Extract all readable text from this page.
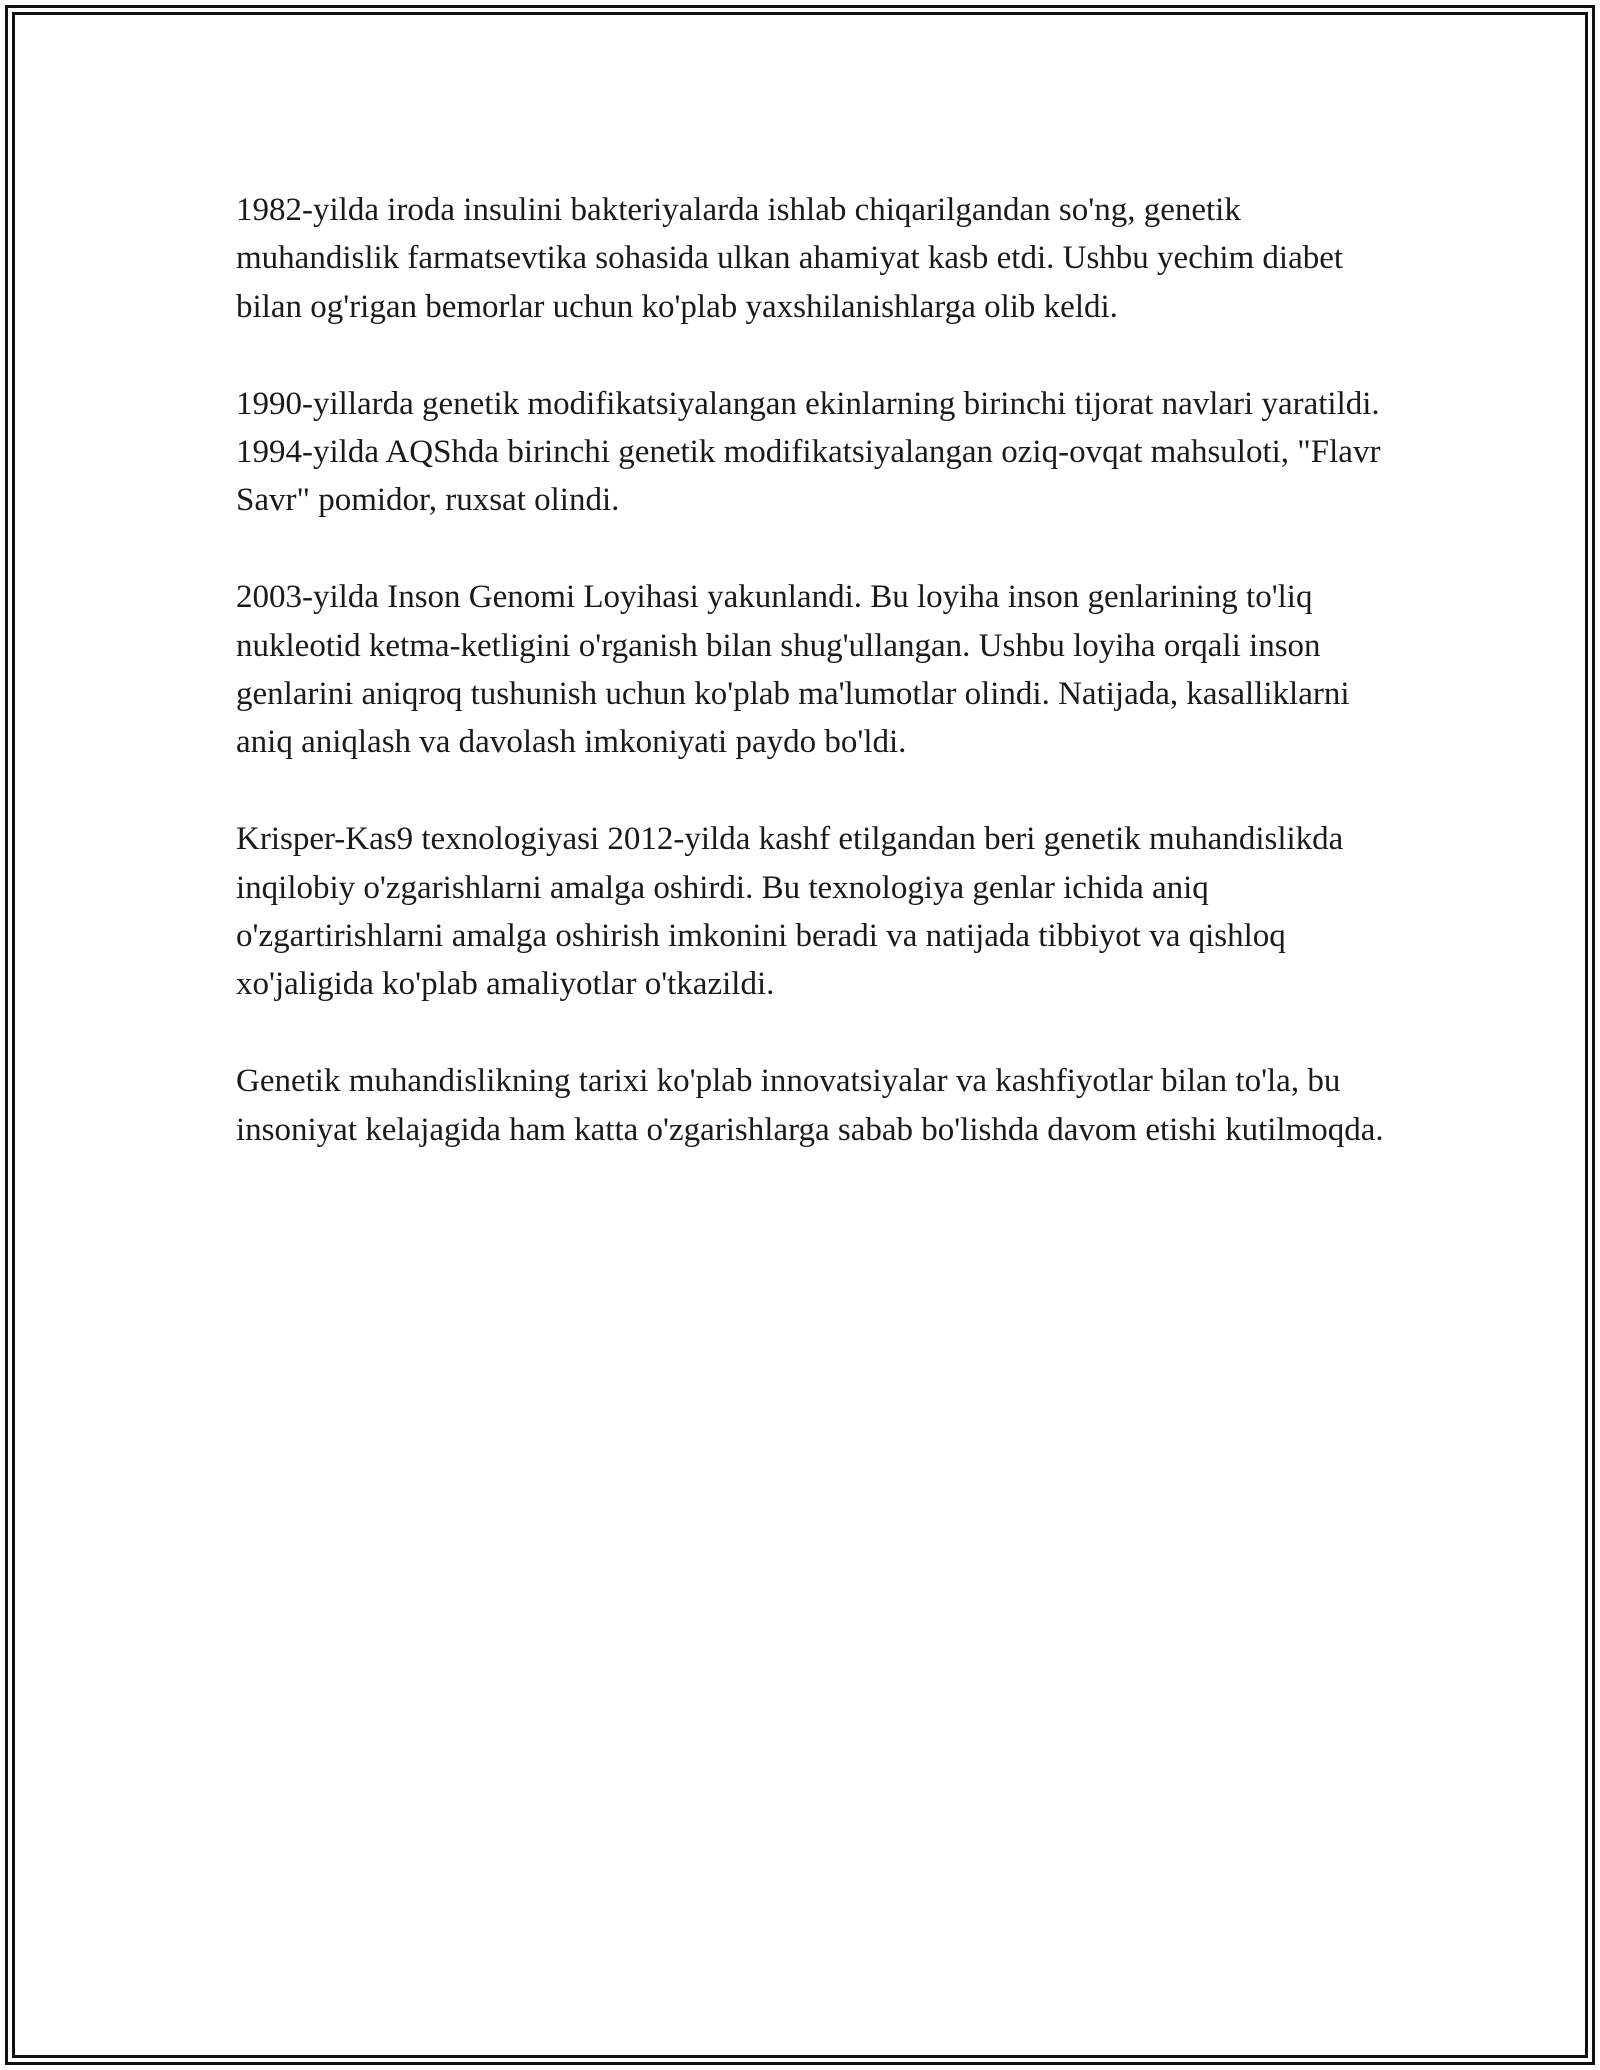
1982-yilda iroda insulini bakteriyalarda ishlab chiqarilgandan so'ng, genetik muhandislik farmatsevtika sohasida ulkan ahamiyat kasb etdi. Ushbu yechim diabet bilan og'rigan bemorlar uchun ko'plab yaxshilanishlarga olib keldi.

1990-yillarda genetik modifikatsiyalangan ekinlarning birinchi tijorat navlari yaratildi. 1994-yilda AQShda birinchi genetik modifikatsiyalangan oziq-ovqat mahsuloti, "Flavr Savr" pomidor, ruxsat olindi.

2003-yilda Inson Genomi Loyihasi yakunlandi. Bu loyiha inson genlarining to'liq nukleotid ketma-ketligini o'rganish bilan shug'ullangan. Ushbu loyiha orqali inson genlarini aniqroq tushunish uchun ko'plab ma'lumotlar olindi. Natijada, kasalliklarni aniq aniqlash va davolash imkoniyati paydo bo'ldi.

Krisper-Kas9 texnologiyasi 2012-yilda kashf etilgandan beri genetik muhandislikda inqilobiy o'zgarishlarni amalga oshirdi. Bu texnologiya genlar ichida aniq o'zgartirishlarni amalga oshirish imkonini beradi va natijada tibbiyot va qishloq xo'jaligida ko'plab amaliyotlar o'tkazildi.

Genetik muhandislikning tarixi ko'plab innovatsiyalar va kashfiyotlar bilan to'la, bu insoniyat kelajagida ham katta o'zgarishlarga sabab bo'lishda davom etishi kutilmoqda.
